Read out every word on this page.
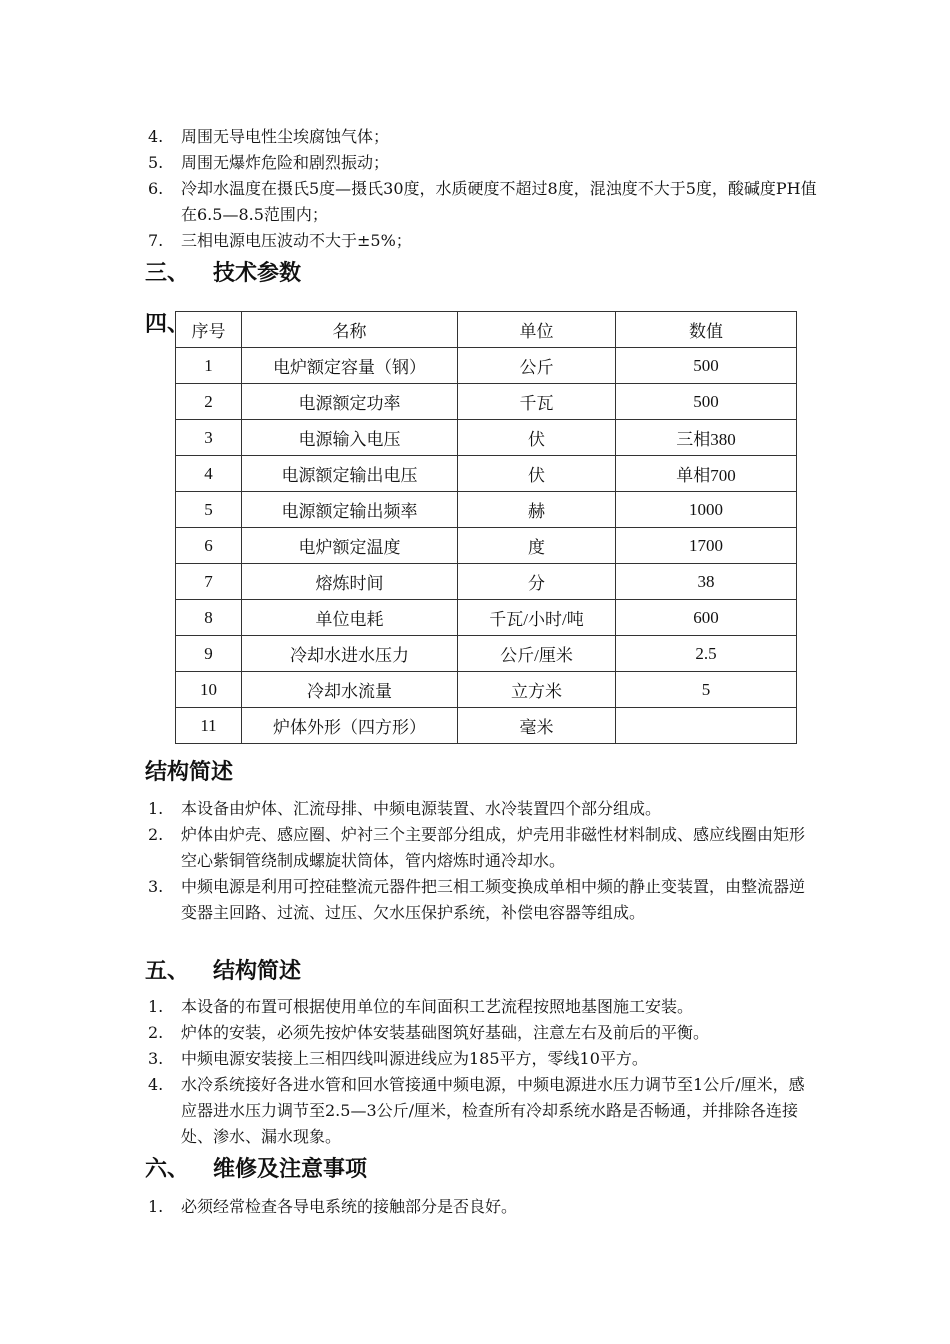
4. 周围无导电性尘埃腐蚀气体；
5. 周围无爆炸危险和剧烈振动；
6. 冷却水温度在摄氏5度—摄氏30度，水质硬度不超过8度，混浊度不大于5度，酸碱度PH值在6.5—8.5范围内；
7. 三相电源电压波动不大于±5%；
三、 技术参数
四、 序号	名称	单位	数值
1	电炉额定容量（钢）	公斤	500
2	电源额定功率	千瓦	500
3	电源输入电压	伏	三相380
4	电源额定输出电压	伏	单相700
5	电源额定输出频率	赫	1000
6	电炉额定温度	度	1700
7	熔炼时间	分	38
8	单位电耗	千瓦/小时/吨	600
9	冷却水进水压力	公斤/厘米	2.5
10	冷却水流量	立方米	5
11	炉体外形（四方形）	毫米	
结构简述
1. 本设备由炉体、汇流母排、中频电源装置、水冷装置四个部分组成。
2. 炉体由炉壳、感应圈、炉衬三个主要部分组成，炉壳用非磁性材料制成、感应线圈由矩形空心紫铜管绕制成螺旋状筒体，管内熔炼时通冷却水。
3. 中频电源是利用可控硅整流元器件把三相工频变换成单相中频的静止变装置，由整流器逆变器主回路、过流、过压、欠水压保护系统，补偿电容器等组成。
五、 结构简述
1. 本设备的布置可根据使用单位的车间面积工艺流程按照地基图施工安装。
2. 炉体的安装，必须先按炉体安装基础图筑好基础，注意左右及前后的平衡。
3. 中频电源安装接上三相四线叫源进线应为185平方，零线10平方。
4. 水冷系统接好各进水管和回水管接通中频电源，中频电源进水压力调节至1公斤/厘米，感应器进水压力调节至2.5—3公斤/厘米，检查所有冷却系统水路是否畅通，并排除各连接处、渗水、漏水现象。
六、 维修及注意事项
1. 必须经常检查各导电系统的接触部分是否良好。
